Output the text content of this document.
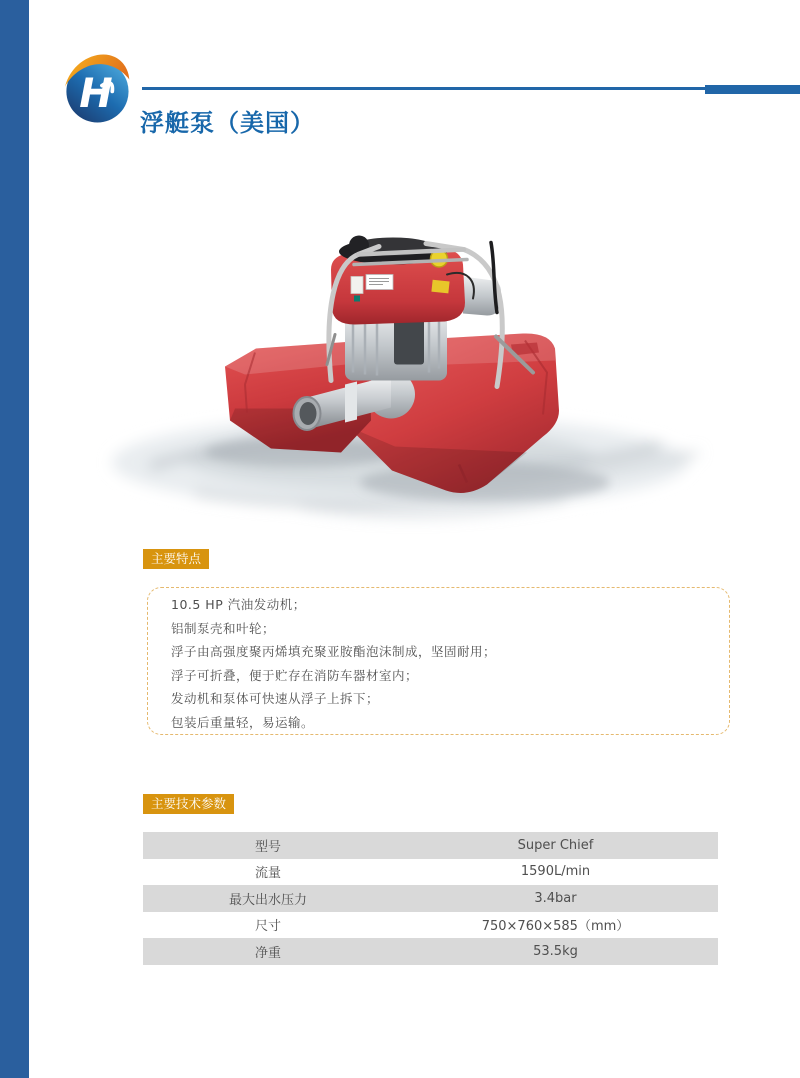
H
浮艇泵（美国）
主要特点
10.5 HP 汽油发动机；
铝制泵壳和叶轮；
浮子由高强度聚丙烯填充聚亚胺酯泡沫制成，坚固耐用；
浮子可折叠，便于贮存在消防车器材室内；
发动机和泵体可快速从浮子上拆下；
包装后重量轻，易运输。
主要技术参数
型号	Super Chief
流量	1590L/min
最大出水压力	3.4bar
尺寸	750×760×585（mm）
净重	53.5kg
